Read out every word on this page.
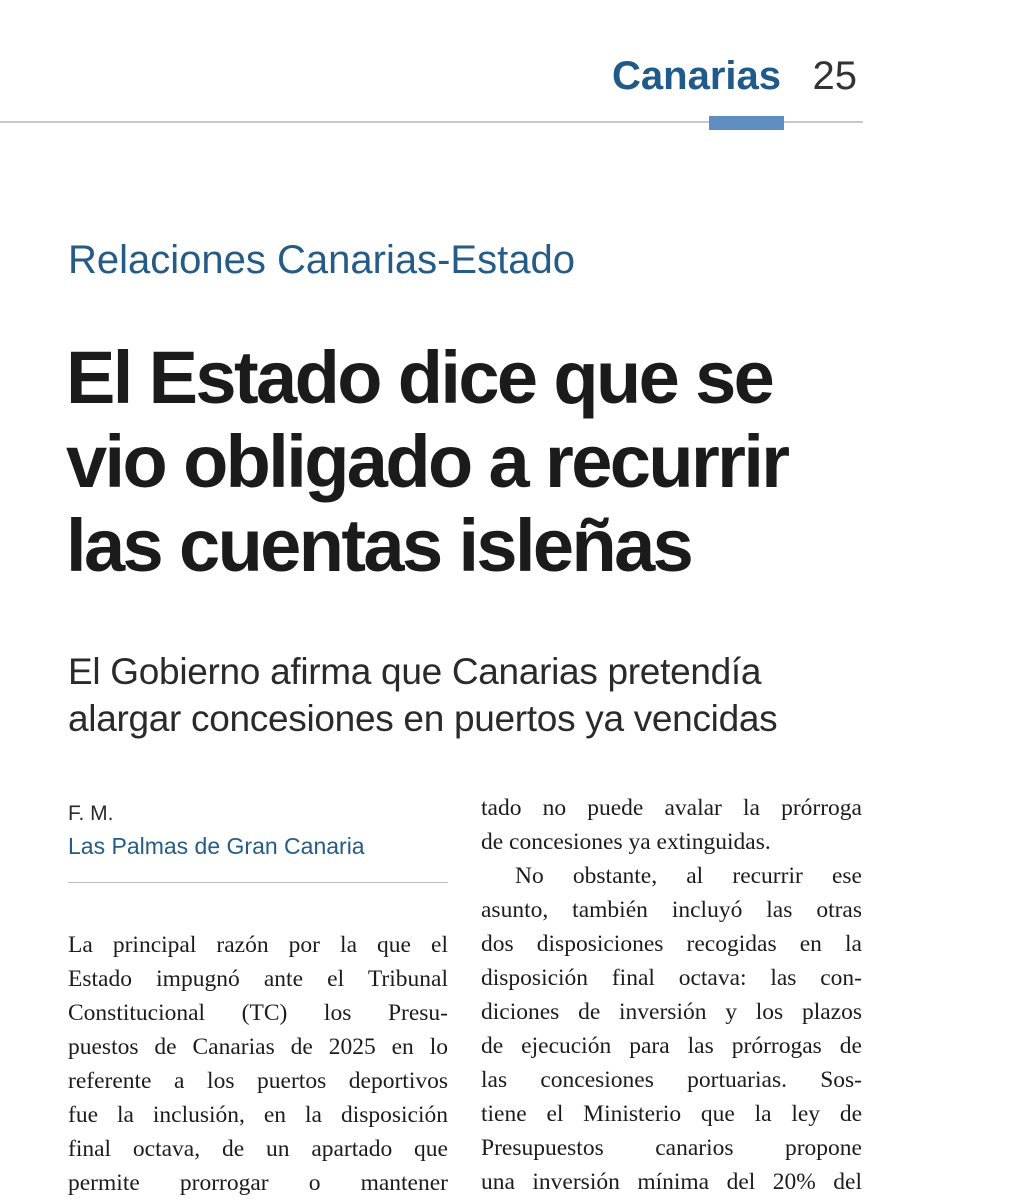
Canarias 25
Relaciones Canarias-Estado
El Estado dice que se
vio obligado a recurrir
las cuentas isleñas

El Gobierno afirma que Canarias pretendía
alargar concesiones en puertos ya vencidas

F. M.
Las Palmas de Gran Canaria
La principal razón por la que el
Estado impugnó ante el Tribunal
Constitucional (TC) los Presu-
puestos de Canarias de 2025 en lo
referente a los puertos deportivos
fue la inclusión, en la disposición
final octava, de un apartado que
permite prorrogar o mantener
tado no puede avalar la prórroga
de concesiones ya extinguidas.
No obstante, al recurrir ese
asunto, también incluyó las otras
dos disposiciones recogidas en la
disposición final octava: las con-
diciones de inversión y los plazos
de ejecución para las prórrogas de
las concesiones portuarias. Sos-
tiene el Ministerio que la ley de
Presupuestos canarios propone
una inversión mínima del 20% del
